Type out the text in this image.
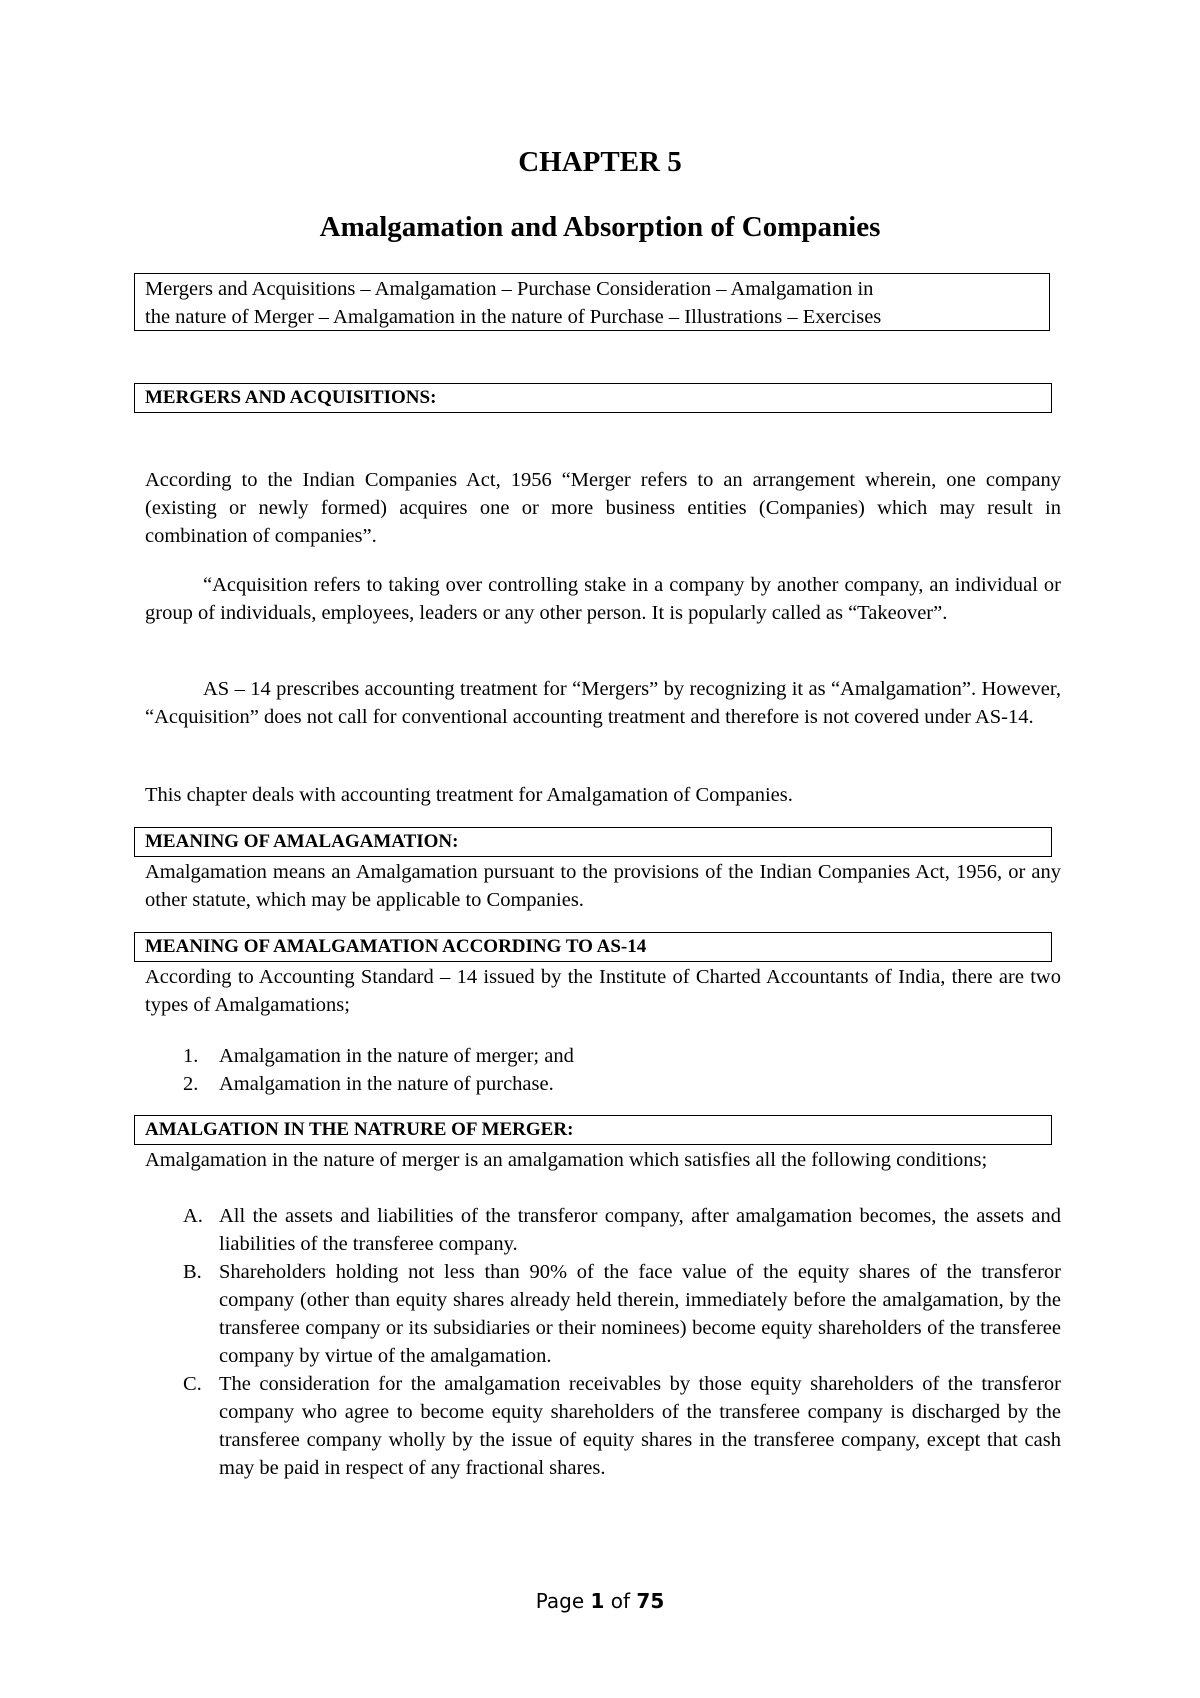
CHAPTER 5
Amalgamation and Absorption of Companies
Mergers and Acquisitions – Amalgamation – Purchase Consideration – Amalgamation in
the nature of Merger – Amalgamation in the nature of Purchase – Illustrations – Exercises
MERGERS AND ACQUISITIONS:

According to the Indian Companies Act, 1956 “Merger refers to an arrangement wherein, one company (existing or newly formed) acquires one or more business entities (Companies) which may result in combination of companies”.

“Acquisition refers to taking over controlling stake in a company by another company, an individual or group of individuals, employees, leaders or any other person. It is popularly called as “Takeover”.

AS – 14 prescribes accounting treatment for “Mergers” by recognizing it as “Amalgamation”. However, “Acquisition” does not call for conventional accounting treatment and therefore is not covered under AS-14.

This chapter deals with accounting treatment for Amalgamation of Companies.

MEANING OF AMALAGAMATION:

Amalgamation means an Amalgamation pursuant to the provisions of the Indian Companies Act, 1956, or any other statute, which may be applicable to Companies.

MEANING OF AMALGAMATION ACCORDING TO AS-14

According to Accounting Standard – 14 issued by the Institute of Charted Accountants of India, there are two types of Amalgamations;

1. Amalgamation in the nature of merger; and
2. Amalgamation in the nature of purchase.
AMALGATION IN THE NATRURE OF MERGER:

Amalgamation in the nature of merger is an amalgamation which satisfies all the following conditions;

A. All the assets and liabilities of the transferor company, after amalgamation becomes, the assets and liabilities of the transferee company.
B. Shareholders holding not less than 90% of the face value of the equity shares of the transferor company (other than equity shares already held therein, immediately before the amalgamation, by the transferee company or its subsidiaries or their nominees) become equity shareholders of the transferee company by virtue of the amalgamation.
C. The consideration for the amalgamation receivables by those equity shareholders of the transferor company who agree to become equity shareholders of the transferee company is discharged by the transferee company wholly by the issue of equity shares in the transferee company, except that cash may be paid in respect of any fractional shares.
Page 1 of 75
